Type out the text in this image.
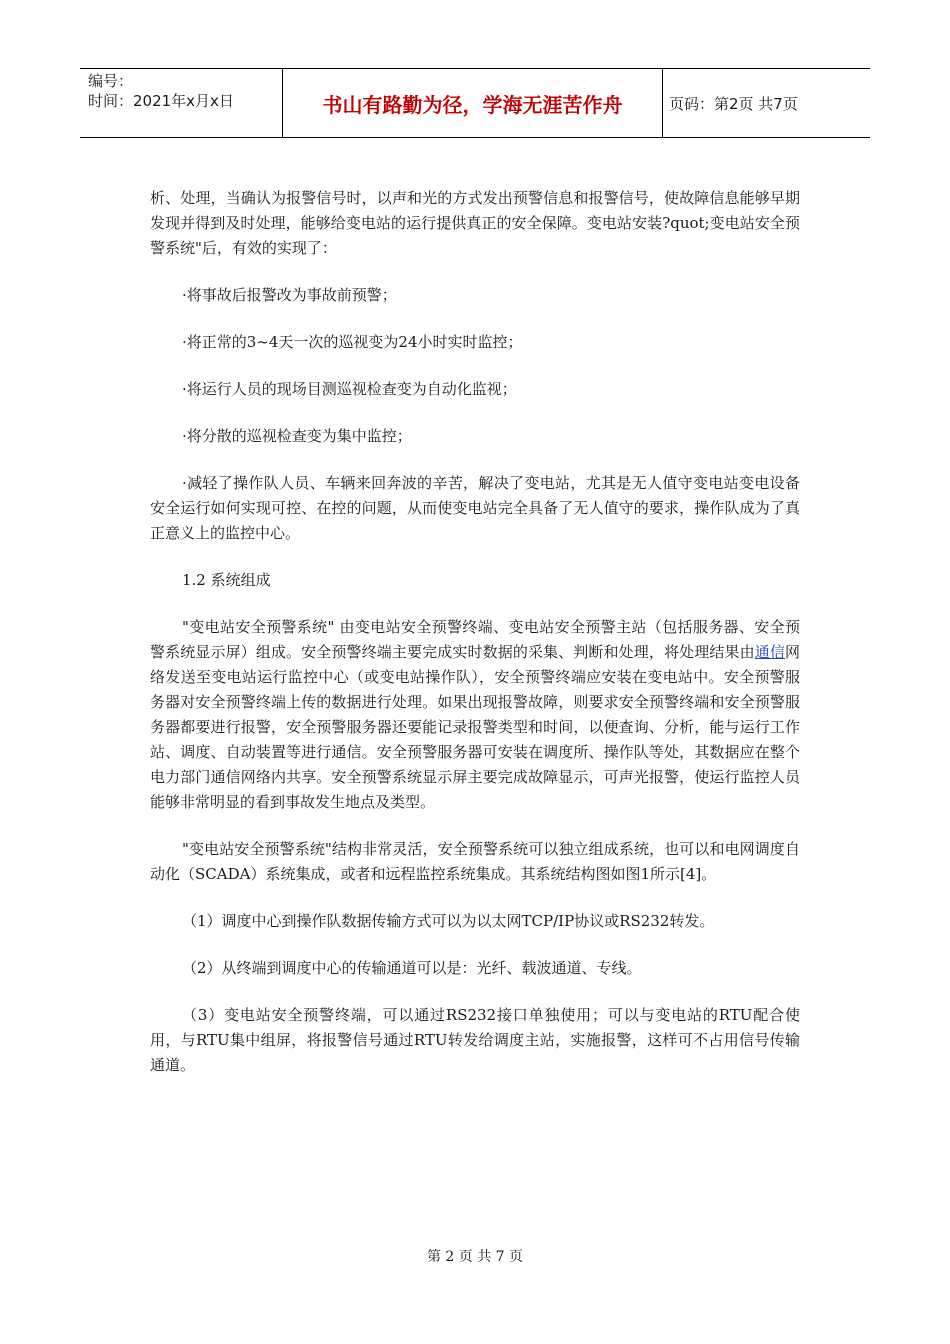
编号：
时间：2021年x月x日	书山有路勤为径，学海无涯苦作舟	页码：第2页 共7页

析、处理，当确认为报警信号时，以声和光的方式发出预警信息和报警信号，使故障信息能够早期发现并得到及时处理，能够给变电站的运行提供真正的安全保障。变电站安装?quot;变电站安全预警系统"后，有效的实现了：

·将事故后报警改为事故前预警；

·将正常的3~4天一次的巡视变为24小时实时监控；

·将运行人员的现场目测巡视检查变为自动化监视；

·将分散的巡视检查变为集中监控；

·减轻了操作队人员、车辆来回奔波的辛苦，解决了变电站，尤其是无人值守变电站变电设备安全运行如何实现可控、在控的问题，从而使变电站完全具备了无人值守的要求，操作队成为了真正意义上的监控中心。

1.2 系统组成

"变电站安全预警系统" 由变电站安全预警终端、变电站安全预警主站（包括服务器、安全预警系统显示屏）组成。安全预警终端主要完成实时数据的采集、判断和处理，将处理结果由通信网络发送至变电站运行监控中心（或变电站操作队），安全预警终端应安装在变电站中。安全预警服务器对安全预警终端上传的数据进行处理。如果出现报警故障，则要求安全预警终端和安全预警服务器都要进行报警，安全预警服务器还要能记录报警类型和时间，以便查询、分析，能与运行工作站、调度、自动装置等进行通信。安全预警服务器可安装在调度所、操作队等处，其数据应在整个电力部门通信网络内共享。安全预警系统显示屏主要完成故障显示，可声光报警，使运行监控人员能够非常明显的看到事故发生地点及类型。

"变电站安全预警系统"结构非常灵活，安全预警系统可以独立组成系统，也可以和电网调度自动化（SCADA）系统集成，或者和远程监控系统集成。其系统结构图如图1所示[4]。

（1）调度中心到操作队数据传输方式可以为以太网TCP/IP协议或RS232转发。

（2）从终端到调度中心的传输通道可以是：光纤、载波通道、专线。

（3）变电站安全预警终端，可以通过RS232接口单独使用；可以与变电站的RTU配合使用，与RTU集中组屏，将报警信号通过RTU转发给调度主站，实施报警，这样可不占用信号传输通道。

第 2 页 共 7 页
